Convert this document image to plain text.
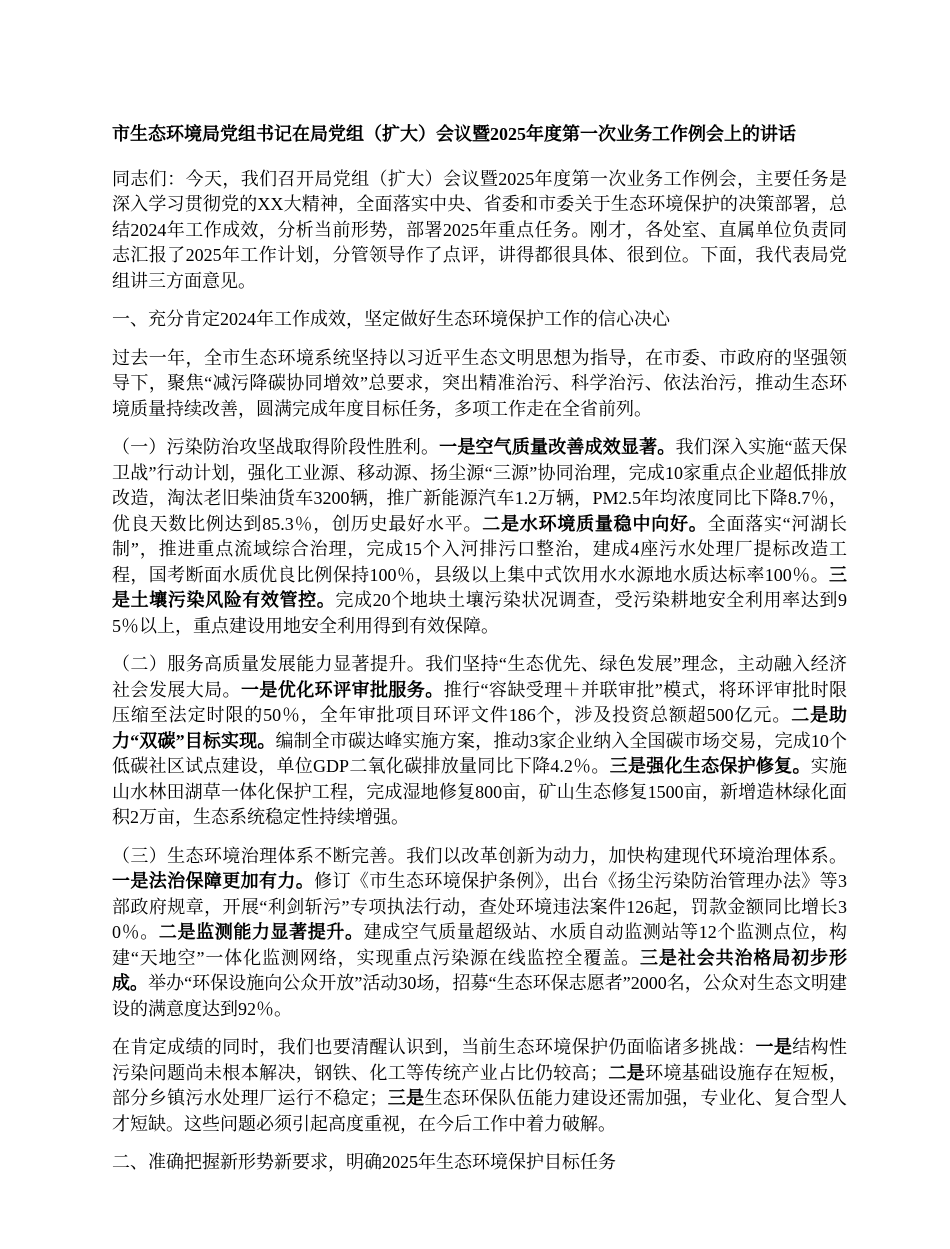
市生态环境局党组书记在局党组（扩大）会议暨2025年度第一次业务工作例会上的讲话

同志们：今天，我们召开局党组（扩大）会议暨2025年度第一次业务工作例会，主要任务是深入学习贯彻党的XX大精神，全面落实中央、省委和市委关于生态环境保护的决策部署，总结2024年工作成效，分析当前形势，部署2025年重点任务。刚才，各处室、直属单位负责同志汇报了2025年工作计划，分管领导作了点评，讲得都很具体、很到位。下面，我代表局党组讲三方面意见。

一、充分肯定2024年工作成效，坚定做好生态环境保护工作的信心决心

过去一年，全市生态环境系统坚持以习近平生态文明思想为指导，在市委、市政府的坚强领导下，聚焦“减污降碳协同增效”总要求，突出精准治污、科学治污、依法治污，推动生态环境质量持续改善，圆满完成年度目标任务，多项工作走在全省前列。

（一）污染防治攻坚战取得阶段性胜利。一是空气质量改善成效显著。我们深入实施“蓝天保卫战”行动计划，强化工业源、移动源、扬尘源“三源”协同治理，完成10家重点企业超低排放改造，淘汰老旧柴油货车3200辆，推广新能源汽车1.2万辆，PM2.5年均浓度同比下降8.7％，优良天数比例达到85.3％，创历史最好水平。二是水环境质量稳中向好。全面落实“河湖长制”，推进重点流域综合治理，完成15个入河排污口整治，建成4座污水处理厂提标改造工程，国考断面水质优良比例保持100％，县级以上集中式饮用水水源地水质达标率100％。三是土壤污染风险有效管控。完成20个地块土壤污染状况调查，受污染耕地安全利用率达到95％以上，重点建设用地安全利用得到有效保障。

（二）服务高质量发展能力显著提升。我们坚持“生态优先、绿色发展”理念，主动融入经济社会发展大局。一是优化环评审批服务。推行“容缺受理＋并联审批”模式，将环评审批时限压缩至法定时限的50％，全年审批项目环评文件186个，涉及投资总额超500亿元。二是助力“双碳”目标实现。编制全市碳达峰实施方案，推动3家企业纳入全国碳市场交易，完成10个低碳社区试点建设，单位GDP二氧化碳排放量同比下降4.2％。三是强化生态保护修复。实施山水林田湖草一体化保护工程，完成湿地修复800亩，矿山生态修复1500亩，新增造林绿化面积2万亩，生态系统稳定性持续增强。

（三）生态环境治理体系不断完善。我们以改革创新为动力，加快构建现代环境治理体系。一是法治保障更加有力。修订《市生态环境保护条例》，出台《扬尘污染防治管理办法》等3部政府规章，开展“利剑斩污”专项执法行动，查处环境违法案件126起，罚款金额同比增长30％。二是监测能力显著提升。建成空气质量超级站、水质自动监测站等12个监测点位，构建“天地空”一体化监测网络，实现重点污染源在线监控全覆盖。三是社会共治格局初步形成。举办“环保设施向公众开放”活动30场，招募“生态环保志愿者”2000名，公众对生态文明建设的满意度达到92％。

在肯定成绩的同时，我们也要清醒认识到，当前生态环境保护仍面临诸多挑战：一是结构性污染问题尚未根本解决，钢铁、化工等传统产业占比仍较高；二是环境基础设施存在短板，部分乡镇污水处理厂运行不稳定；三是生态环保队伍能力建设还需加强，专业化、复合型人才短缺。这些问题必须引起高度重视，在今后工作中着力破解。

二、准确把握新形势新要求，明确2025年生态环境保护目标任务
